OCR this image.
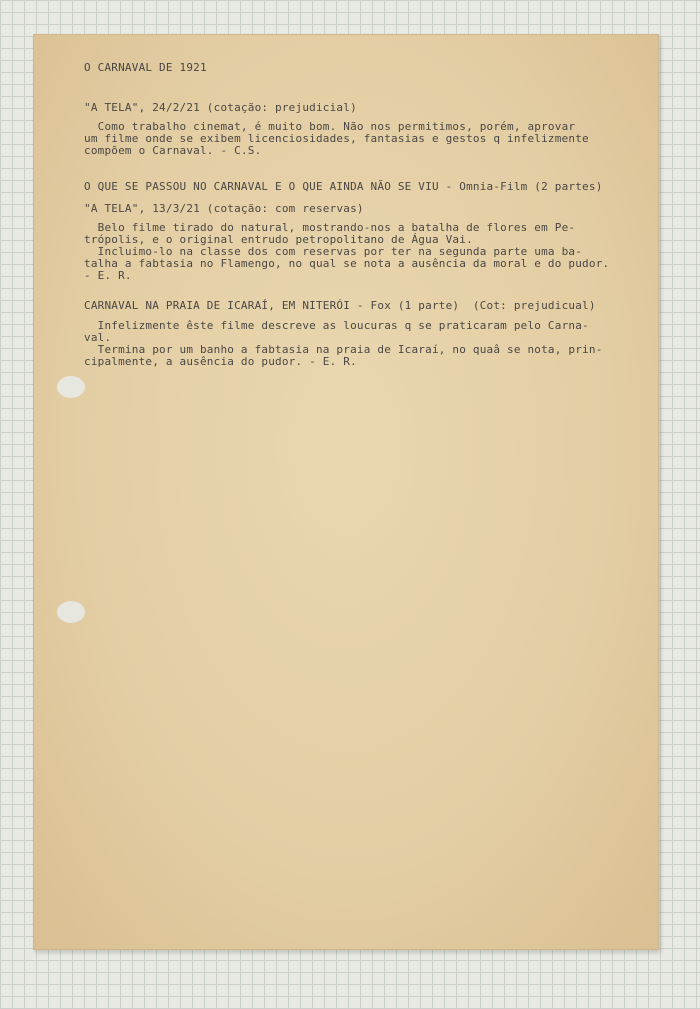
O CARNAVAL DE 1921
"A TELA", 24/2/21 (cotação: prejudicial)
Como trabalho cinemat, é muito bom. Não nos permitimos, porém, aprovar
um filme onde se exibem licenciosidades, fantasias e gestos q infelizmente
compõem o Carnaval. - C.S.
O QUE SE PASSOU NO CARNAVAL E O QUE AINDA NÃO SE VIU - Omnia-Film (2 partes)
"A TELA", 13/3/21 (cotação: com reservas)
Belo filme tirado do natural, mostrando-nos a batalha de flores em Pe-
trópolis, e o original entrudo petropolitano de Água Vai.
Incluimo-lo na classe dos com reservas por ter na segunda parte uma ba-
talha a fabtasia no Flamengo, no qual se nota a ausência da moral e do pudor.
- E. R.
CARNAVAL NA PRAIA DE ICARAÍ, EM NITERÓI - Fox (1 parte)  (Cot: prejudicual)
Infelizmente êste filme descreve as loucuras q se praticaram pelo Carna-
val.
Termina por um banho a fabtasia na praia de Icaraí, no quaâ se nota, prin-
cipalmente, a ausência do pudor. - E. R.
